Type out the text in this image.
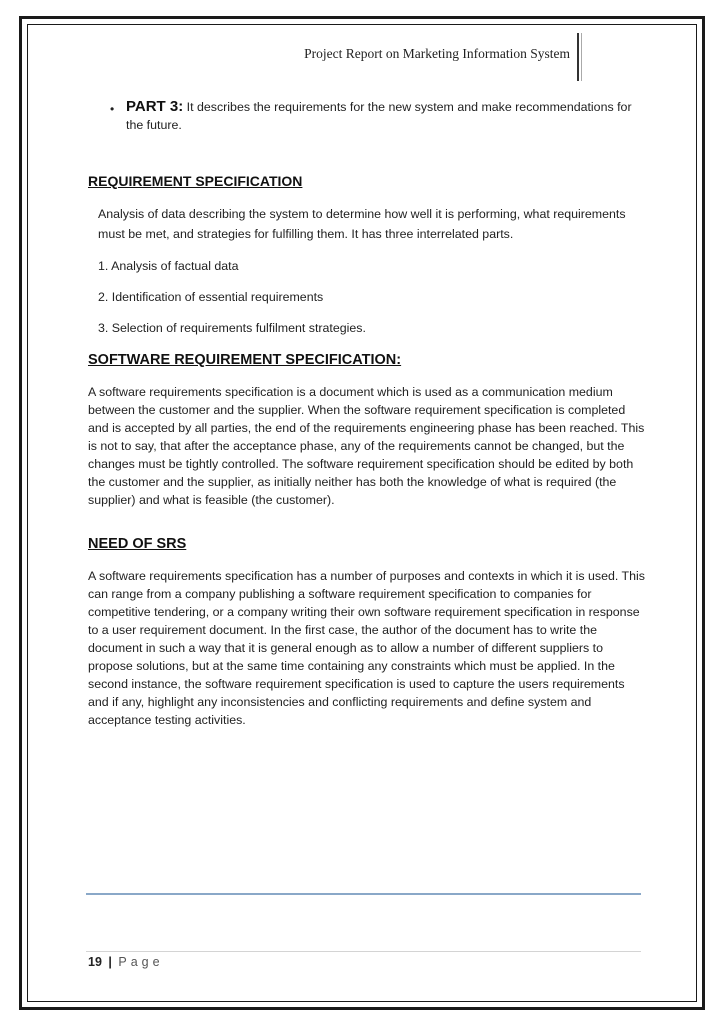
Project Report on Marketing Information System
• PART 3: It describes the requirements for the new system and make recommendations for the future.
REQUIREMENT SPECIFICATION
Analysis of data describing the system to determine how well it is performing, what requirements must be met, and strategies for fulfilling them. It has three interrelated parts.
1. Analysis of factual data
2. Identification of essential requirements
3. Selection of requirements fulfilment strategies.
SOFTWARE REQUIREMENT SPECIFICATION:
A software requirements specification is a document which is used as a communication medium between the customer and the supplier. When the software requirement specification is completed and is accepted by all parties, the end of the requirements engineering phase has been reached. This is not to say, that after the acceptance phase, any of the requirements cannot be changed, but the changes must be tightly controlled. The software requirement specification should be edited by both the customer and the supplier, as initially neither has both the knowledge of what is required (the supplier) and what is feasible (the customer).
NEED OF SRS
A software requirements specification has a number of purposes and contexts in which it is used. This can range from a company publishing a software requirement specification to companies for competitive tendering, or a company writing their own software requirement specification in response to a user requirement document. In the first case, the author of the document has to write the document in such a way that it is general enough as to allow a number of different suppliers to propose solutions, but at the same time containing any constraints which must be applied. In the second instance, the software requirement specification is used to capture the users requirements and if any, highlight any inconsistencies and conflicting requirements and define system and acceptance testing activities.
19 | Page
